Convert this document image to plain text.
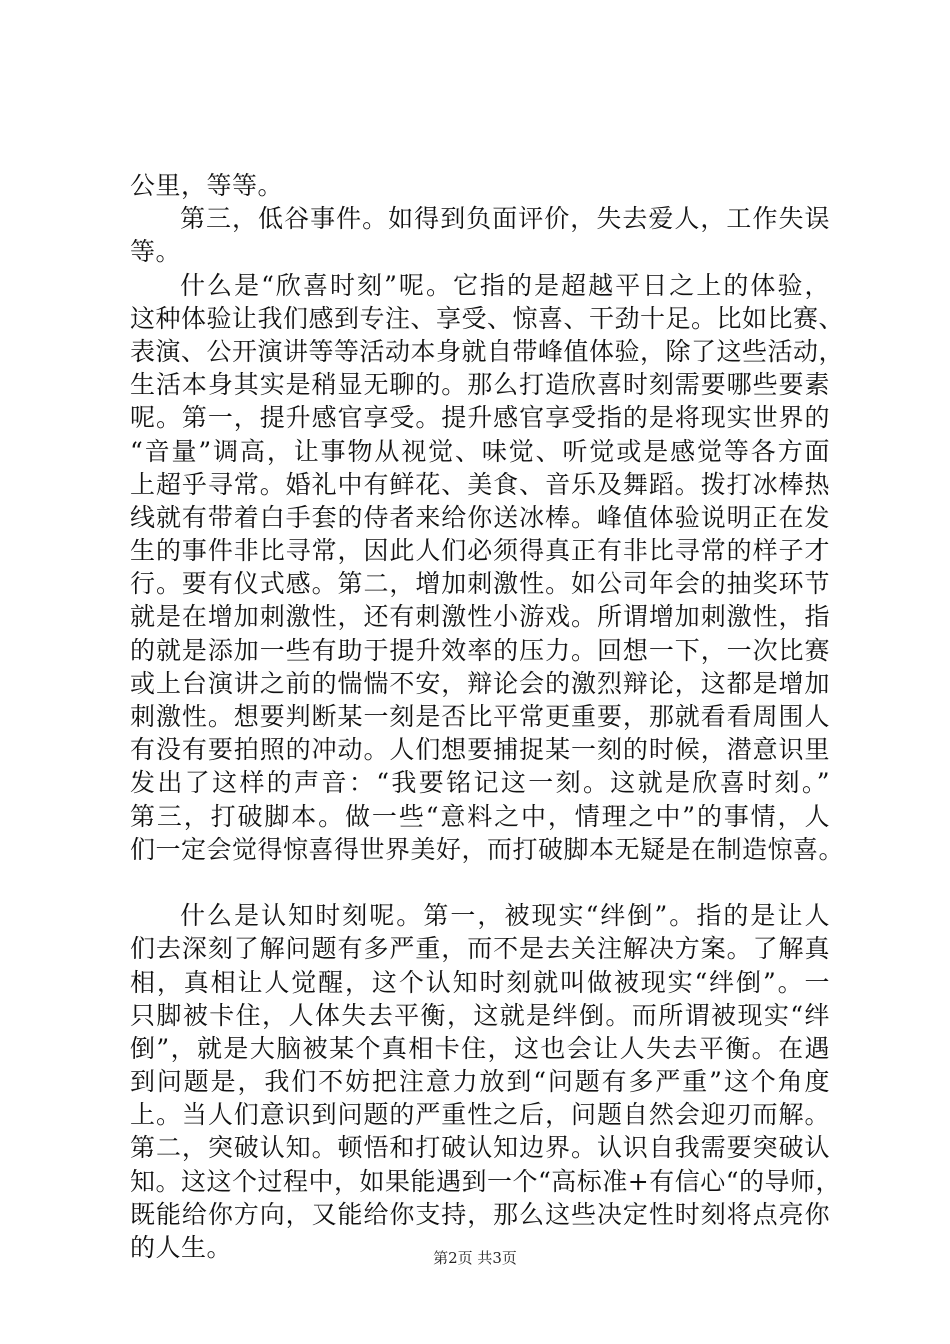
公里，等等。
第三，低谷事件。如得到负面评价，失去爱人，工作失误
等。
什么是“欣喜时刻”呢。它指的是超越平日之上的体验，
这种体验让我们感到专注、享受、惊喜、干劲十足。比如比赛、
表演、公开演讲等等活动本身就自带峰值体验，除了这些活动，
生活本身其实是稍显无聊的。那么打造欣喜时刻需要哪些要素
呢。第一，提升感官享受。提升感官享受指的是将现实世界的
“音量”调高，让事物从视觉、味觉、听觉或是感觉等各方面
上超乎寻常。婚礼中有鲜花、美食、音乐及舞蹈。拨打冰棒热
线就有带着白手套的侍者来给你送冰棒。峰值体验说明正在发
生的事件非比寻常，因此人们必须得真正有非比寻常的样子才
行。要有仪式感。第二，增加刺激性。如公司年会的抽奖环节
就是在增加刺激性，还有刺激性小游戏。所谓增加刺激性，指
的就是添加一些有助于提升效率的压力。回想一下，一次比赛
或上台演讲之前的惴惴不安，辩论会的激烈辩论，这都是增加
刺激性。想要判断某一刻是否比平常更重要，那就看看周围人
有没有要拍照的冲动。人们想要捕捉某一刻的时候，潜意识里
发出了这样的声音：“我要铭记这一刻。这就是欣喜时刻。”
第三，打破脚本。做一些“意料之中，情理之中”的事情，人
们一定会觉得惊喜得世界美好，而打破脚本无疑是在制造惊喜。
什么是认知时刻呢。第一，被现实“绊倒”。指的是让人
们去深刻了解问题有多严重，而不是去关注解决方案。了解真
相，真相让人觉醒，这个认知时刻就叫做被现实“绊倒”。一
只脚被卡住，人体失去平衡，这就是绊倒。而所谓被现实“绊
倒”，就是大脑被某个真相卡住，这也会让人失去平衡。在遇
到问题是，我们不妨把注意力放到“问题有多严重”这个角度
上。当人们意识到问题的严重性之后，问题自然会迎刃而解。
第二，突破认知。顿悟和打破认知边界。认识自我需要突破认
知。这这个过程中，如果能遇到一个“高标准+有信心“的导师，
既能给你方向，又能给你支持，那么这些决定性时刻将点亮你
的人生。	第2页 共3页
